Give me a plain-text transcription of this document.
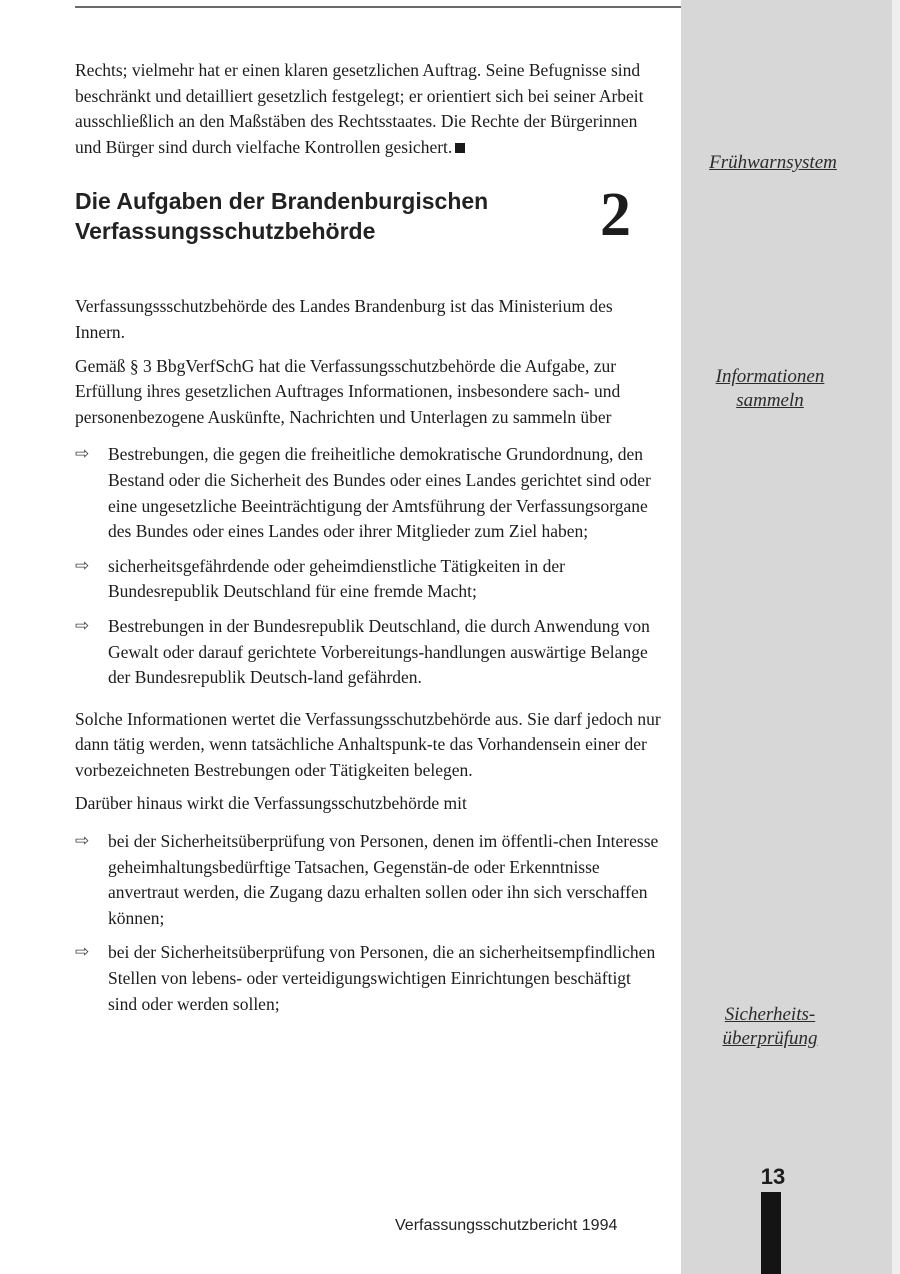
Frühwarnsystem
Informationen sammeln
Sicherheits-überprüfung
13

Rechts; vielmehr hat er einen klaren gesetzlichen Auftrag. Seine Befugnisse sind beschränkt und detailliert gesetzlich festgelegt; er orientiert sich bei seiner Arbeit ausschließlich an den Maßstäben des Rechtsstaates. Die Rechte der Bürgerinnen und Bürger sind durch vielfache Kontrollen gesichert.

Die Aufgaben der Brandenburgischen Verfassungsschutzbehörde	2

Verfassungssschutzbehörde des Landes Brandenburg ist das Ministerium des Innern.

Gemäß § 3 BbgVerfSchG hat die Verfassungsschutzbehörde die Aufgabe, zur Erfüllung ihres gesetzlichen Auftrages Informationen, insbesondere sach- und personenbezogene Auskünfte, Nachrichten und Unterlagen zu sammeln über

⇨	Bestrebungen, die gegen die freiheitliche demokratische Grundordnung, den Bestand oder die Sicherheit des Bundes oder eines Landes gerichtet sind oder eine ungesetzliche Beeinträchtigung der Amtsführung der Verfassungsorgane des Bundes oder eines Landes oder ihrer Mitglieder zum Ziel haben;
⇨	sicherheitsgefährdende oder geheimdienstliche Tätigkeiten in der Bundesrepublik Deutschland für eine fremde Macht;
⇨	Bestrebungen in der Bundesrepublik Deutschland, die durch Anwendung von Gewalt oder darauf gerichtete Vorbereitungs-handlungen auswärtige Belange der Bundesrepublik Deutsch-land gefährden.

Solche Informationen wertet die Verfassungsschutzbehörde aus. Sie darf jedoch nur dann tätig werden, wenn tatsächliche Anhaltspunk-te das Vorhandensein einer der vorbezeichneten Bestrebungen oder Tätigkeiten belegen.

Darüber hinaus wirkt die Verfassungsschutzbehörde mit

⇨	bei der Sicherheitsüberprüfung von Personen, denen im öffentli-chen Interesse geheimhaltungsbedürftige Tatsachen, Gegenstän-de oder Erkenntnisse anvertraut werden, die Zugang dazu erhalten sollen oder ihn sich verschaffen können;
⇨	bei der Sicherheitsüberprüfung von Personen, die an sicherheitsempfindlichen Stellen von lebens- oder verteidigungswichtigen Einrichtungen beschäftigt sind oder werden sollen;
Verfassungsschutzbericht 1994
